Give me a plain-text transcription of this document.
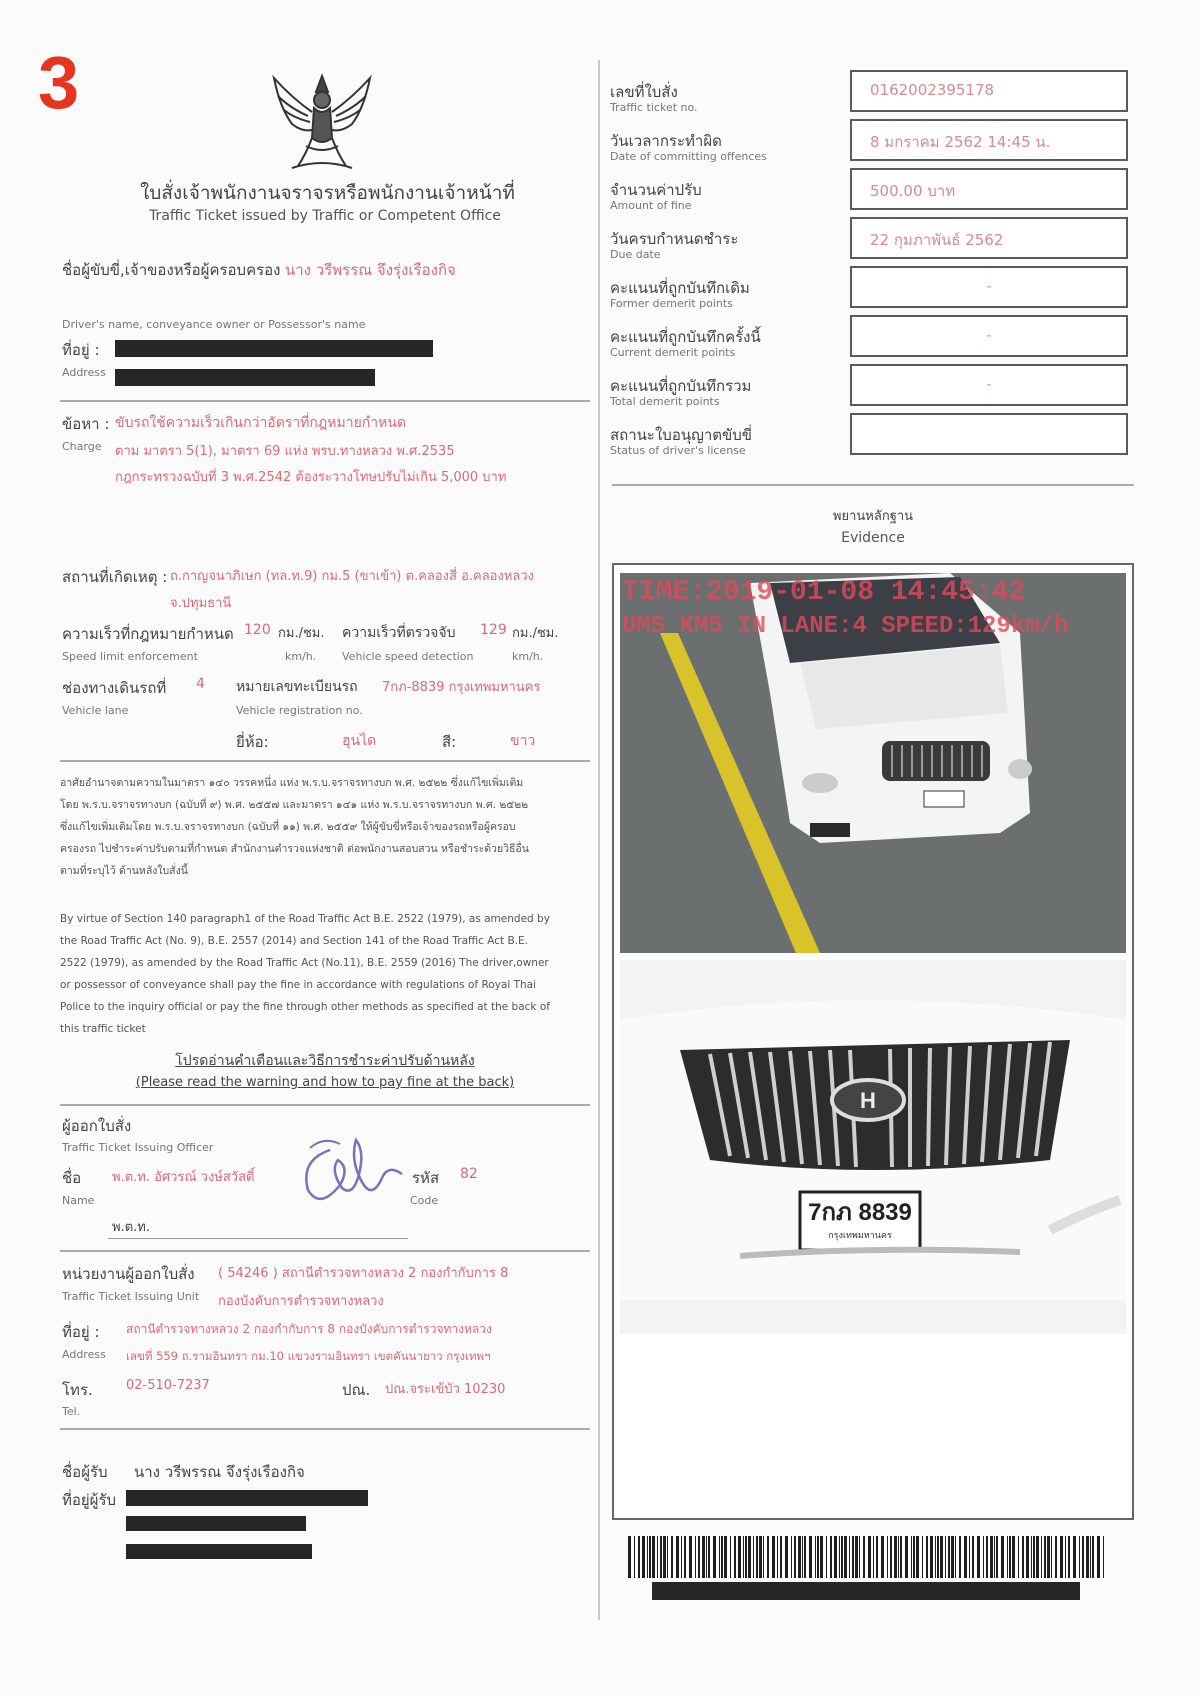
3
ใบสั่งเจ้าพนักงานจราจรหรือพนักงานเจ้าหน้าที่
Traffic Ticket issued by Traffic or Competent Office
ชื่อผู้ขับขี่,เจ้าของหรือผู้ครอบครอง นาง วรีพรรณ จึงรุ่งเรืองกิจ
Driver's name, conveyance owner or Possessor's name
ที่อยู่ :
Address
ข้อหา :
Charge
ขับรถใช้ความเร็วเกินกว่าอัตราที่กฎหมายกำหนด
ตาม มาตรา 5(1), มาตรา 69 แห่ง พรบ.ทางหลวง พ.ศ.2535
กฎกระทรวงฉบับที่ 3 พ.ศ.2542 ต้องระวางโทษปรับไม่เกิน 5,000 บาท
สถานที่เกิดเหตุ : ถ.กาญจนาภิเษก (ทล.ท.9) กม.5 (ขาเข้า) ต.คลองสี่ อ.คลองหลวง
จ.ปทุมธานี
ความเร็วที่กฎหมายกำหนด 120 กม./ชม. ความเร็วที่ตรวจจับ 129 กม./ชม.
Speed limit enforcement	km/h. Vehicle speed detection	km/h.
ช่องทางเดินรถที่ 4 หมายเลขทะเบียนรถ 7กภ-8839 กรุงเทพมหานคร
Vehicle lane	Vehicle registration no.
ยี่ห้อ:	ฮุนได	สี:	ขาว
อาศัยอำนาจตามความในมาตรา ๑๔๐ วรรคหนึ่ง แห่ง พ.ร.บ.จราจรทางบก พ.ศ. ๒๕๒๒ ซึ่งแก้ไขเพิ่มเติมโดย พ.ร.บ.จราจรทางบก (ฉบับที่ ๙) พ.ศ. ๒๕๕๗ และมาตรา ๑๔๑ แห่ง พ.ร.บ.จราจรทางบก พ.ศ. ๒๕๒๒ ซึ่งแก้ไขเพิ่มเติมโดย พ.ร.บ.จราจรทางบก (ฉบับที่ ๑๑) พ.ศ. ๒๕๕๙ ให้ผู้ขับขี่หรือเจ้าของรถหรือผู้ครอบครองรถ ไปชำระค่าปรับตามที่กำหนด สำนักงานตำรวจแห่งชาติ ต่อพนักงานสอบสวน หรือชำระด้วยวิธีอื่นตามที่ระบุไว้ ด้านหลังใบสั่งนี้
By virtue of Section 140 paragraph1 of the Road Traffic Act B.E. 2522 (1979), as amended by the Road Traffic Act (No. 9), B.E. 2557 (2014) and Section 141 of the Road Traffic Act B.E. 2522 (1979), as amended by the Road Traffic Act (No.11), B.E. 2559 (2016) The driver,owner or possessor of conveyance shall pay the fine in accordance with regulations of Royal Thai Police to the inquiry official or pay the fine through other methods as specified at the back of this traffic ticket
โปรดอ่านคำเตือนและวิธีการชำระค่าปรับด้านหลัง
(Please read the warning and how to pay fine at the back)
ผู้ออกใบสั่ง
Traffic Ticket Issuing Officer
ชื่อ พ.ต.ท. อัศวรณ์ วงษ์สวัสดิ์
Name
รหัส 82
Code
พ.ต.ท.
หน่วยงานผู้ออกใบสั่ง ( 54246 ) สถานีตำรวจทางหลวง 2 กองกำกับการ 8
Traffic Ticket Issuing Unit กองบังคับการตำรวจทางหลวง
ที่อยู่ : สถานีตำรวจทางหลวง 2 กองกำกับการ 8 กองบังคับการตำรวจทางหลวง
Address เลขที่ 559 ถ.รามอินทรา กม.10 แขวงรามอินทรา เขตคันนายาว กรุงเทพฯ
โทร.	02-510-7237	ปณ. ปณ.จระเข้บัว 10230
Tel.
ชื่อผู้รับ นาง วรีพรรณ จึงรุ่งเรืองกิจ
ที่อยู่ผู้รับ
เลขที่ใบสั่ง
Traffic ticket no.
0162002395178
วันเวลากระทำผิด
Date of committing offences
8 มกราคม 2562 14:45 น.
จำนวนค่าปรับ
Amount of fine
500.00 บาท
วันครบกำหนดชำระ
Due date
22 กุมภาพันธ์ 2562
คะแนนที่ถูกบันทึกเดิม
Former demerit points
-
คะแนนที่ถูกบันทึกครั้งนี้
Current demerit points
-
คะแนนที่ถูกบันทึกรวม
Total demerit points
-
สถานะใบอนุญาตขับขี่
Status of driver's license
พยานหลักฐาน
Evidence
TIME:2019-01-08 14:45:42
UMS KM5 IN LANE:4 SPEED:129km/h
H
7กภ 8839
กรุงเทพมหานคร
